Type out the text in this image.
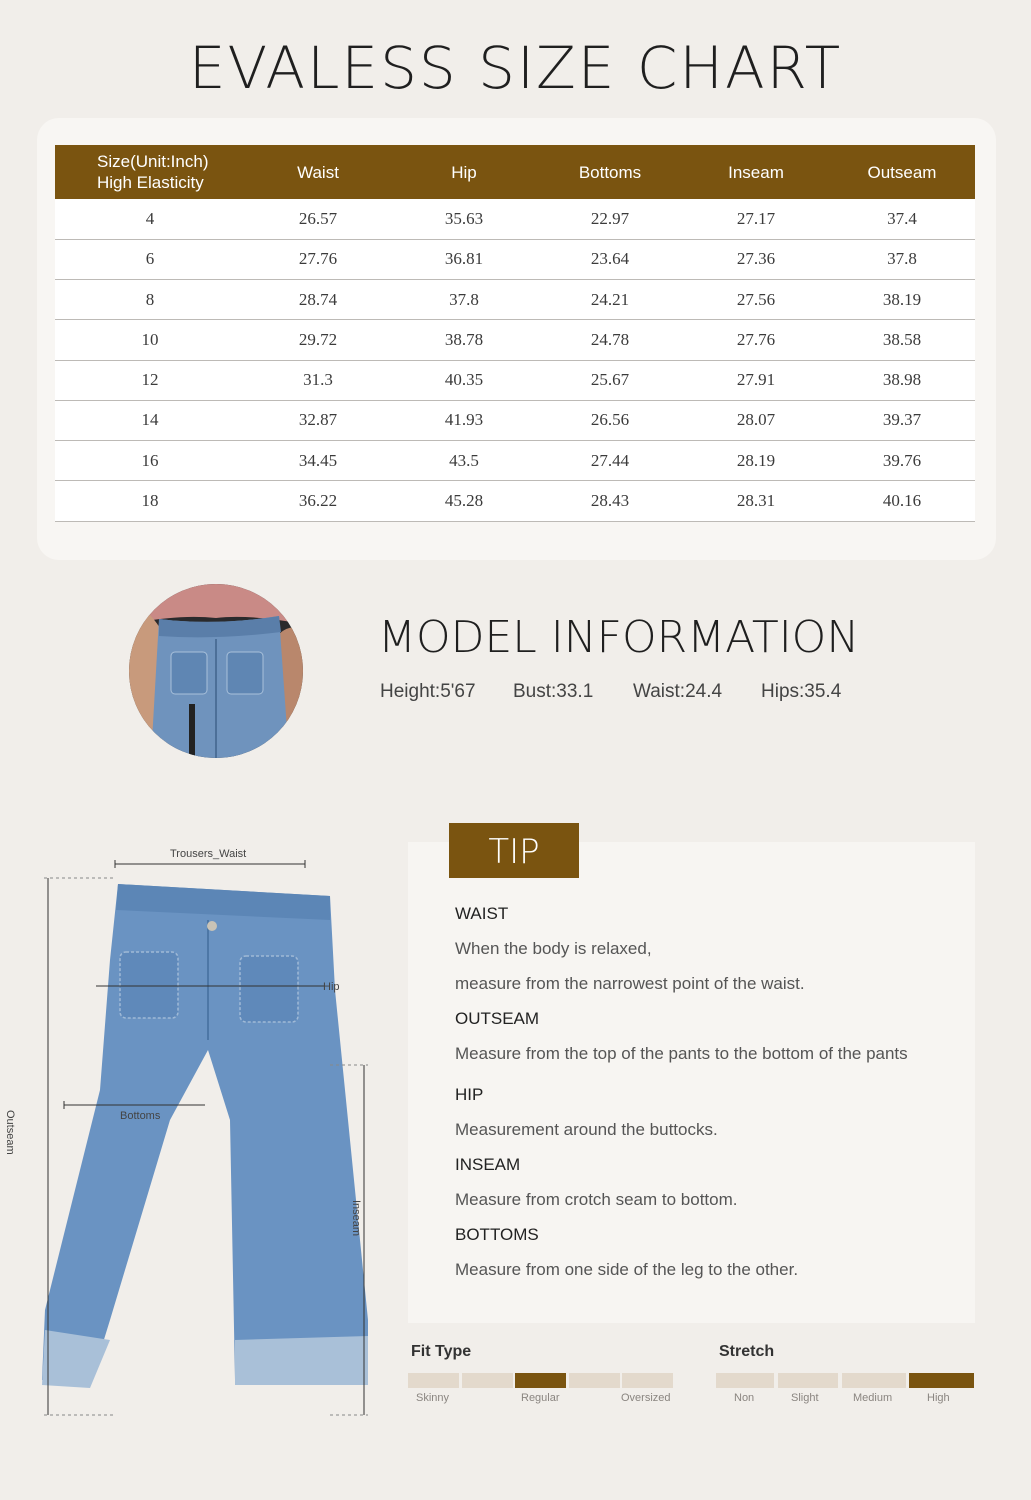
EVALESS SIZE CHART
Size(Unit:Inch)
High Elasticity	Waist	Hip	Bottoms	Inseam	Outseam
4	26.57	35.63	22.97	27.17	37.4
6	27.76	36.81	23.64	27.36	37.8
8	28.74	37.8	24.21	27.56	38.19
10	29.72	38.78	24.78	27.76	38.58
12	31.3	40.35	25.67	27.91	38.98
14	32.87	41.93	26.56	28.07	39.37
16	34.45	43.5	27.44	28.19	39.76
18	36.22	45.28	28.43	28.31	40.16
MODEL INFORMATION
Height:5'67 Bust:33.1 Waist:24.4 Hips:35.4
Trousers_Waist
Hip
Bottoms
Outseam
Inseam
TIP
WAIST
When the body is relaxed,
measure from the narrowest point of the waist.
OUTSEAM
Measure from the top of the pants to the bottom of the pants
HIP
Measurement around the buttocks.
INSEAM
Measure from crotch seam to bottom.
BOTTOMS
Measure from one side of the leg to the other.
Fit Type
Skinny	Regular	Oversized
Stretch
Non	Slight	Medium	High
